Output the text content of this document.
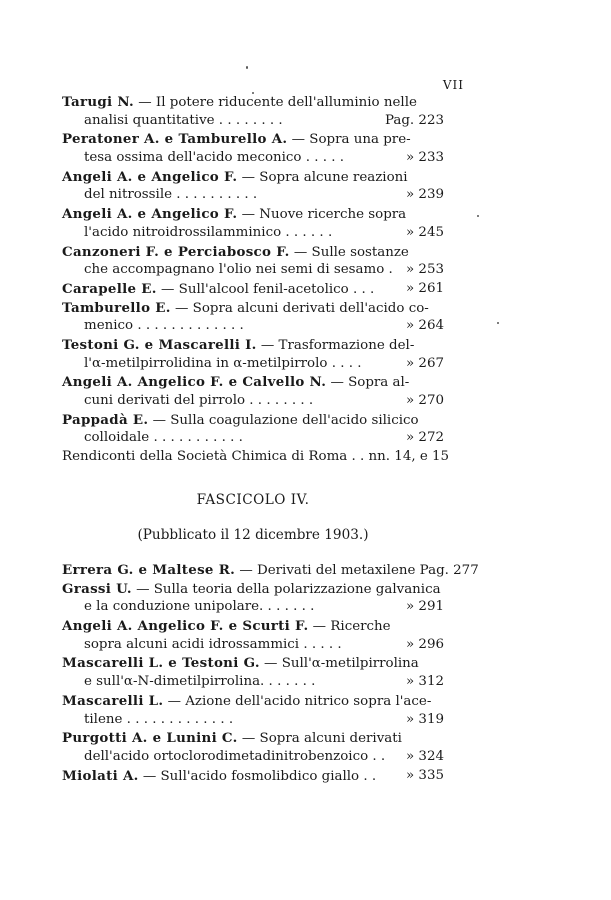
VII
Tarugi N. — Il potere riducente dell'alluminio nelle
analisi quantitative . . . . . . . .	Pag. 223
Peratoner A. e Tamburello A. — Sopra una pre-
tesa ossima dell'acido meconico . . . . .	» 233
Angeli A. e Angelico F. — Sopra alcune reazioni
del nitrossile . . . . . . . . . .	» 239
Angeli A. e Angelico F. — Nuove ricerche sopra
l'acido nitroidrossilamminico . . . . . .	» 245
Canzoneri F. e Perciabosco F. — Sulle sostanze
che accompagnano l'olio nei semi di sesamo . » 253
Carapelle E. — Sull'alcool fenil-acetolico . . . » 261
Tamburello E. — Sopra alcuni derivati dell'acido co-
menico . . . . . . . . . . . . .	» 264
Testoni G. e Mascarelli I. — Trasformazione del-
l'α-metilpirrolidina in α-metilpirrolo . . . .	» 267
Angeli A. Angelico F. e Calvello N. — Sopra al-
cuni derivati del pirrolo . . . . . . . .	» 270
Pappadà E. — Sulla coagulazione dell'acido silicico
colloidale . . . . . . . . . . .	» 272
Rendiconti della Società Chimica di Roma . . nn. 14, e 15
FASCICOLO IV.
(Pubblicato il 12 dicembre 1903.)
Errera G. e Maltese R. — Derivati del metaxilene Pag. 277
Grassi U. — Sulla teoria della polarizzazione galvanica
e la conduzione unipolare. . . . . . .	» 291
Angeli A. Angelico F. e Scurti F. — Ricerche
sopra alcuni acidi idrossammici . . . . .	» 296
Mascarelli L. e Testoni G. — Sull'α-metilpirrolina
e sull'α-N-dimetilpirrolina. . . . . . .	» 312
Mascarelli L. — Azione dell'acido nitrico sopra l'ace-
tilene . . . . . . . . . . . . .	» 319
Purgotti A. e Lunini C. — Sopra alcuni derivati
dell'acido ortoclorodimetadinitrobenzoico . . » 324
Miolati A. — Sull'acido fosmolibdico giallo . . » 335
